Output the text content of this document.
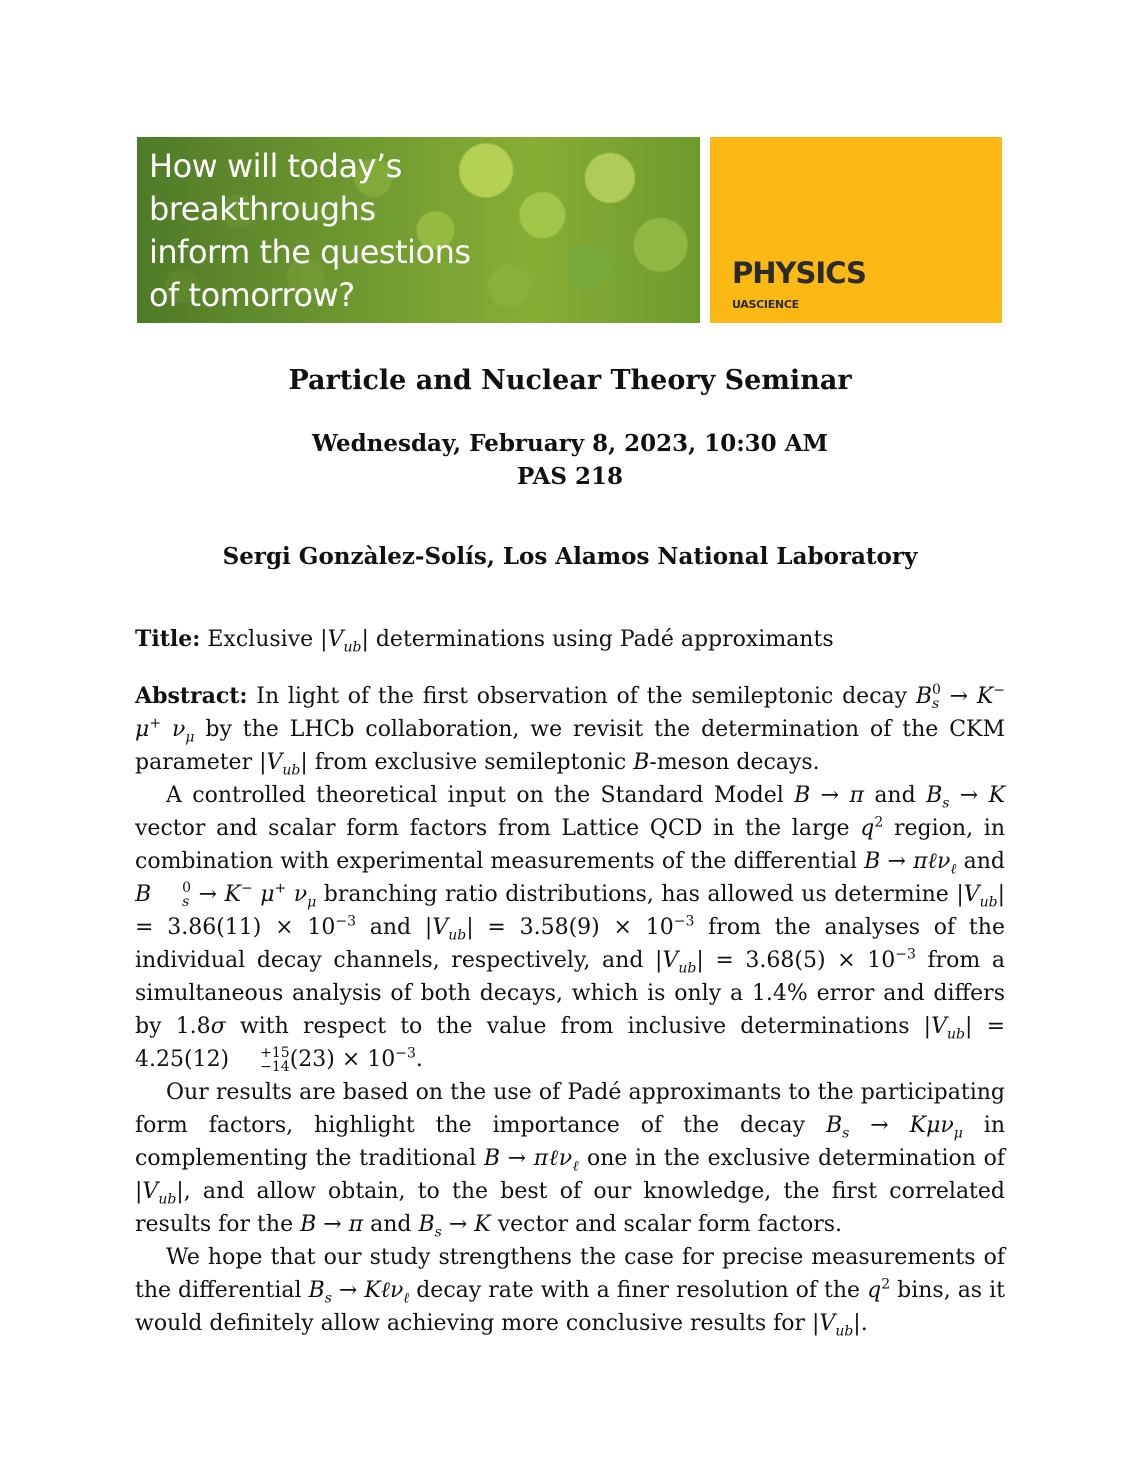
How will today’s
breakthroughs
inform the questions
of tomorrow?
PHYSICS
UASCIENCE
Particle and Nuclear Theory Seminar
Wednesday, February 8, 2023, 10:30 AM
PAS 218
Sergi Gonzàlez-Solís, Los Alamos National Laboratory
Title: Exclusive $|V_{ub}|$ determinations using Padé approximants

Abstract: In light of the first observation of the semileptonic decay B 0
s → K− μ+ $\nu_\mu$ by the LHCb collaboration, we revisit the determination of the CKM parameter $|V_{ub}|$ from exclusive semileptonic B-meson decays.

A controlled theoretical input on the Standard Model B → π and $B_s \to K$ vector and scalar form factors from Lattice QCD in the large $q^2$ region, in combination with experimental measurements of the differential B → πℓν$_\ell$ and B	0
s → K− μ+ $\nu_\mu$ branching ratio distributions, has allowed us determine $|V_{ub}| = 3.86(11) \times 10^{-3}$ and $|V_{ub}| = 3.58(9) \times 10^{-3}$ from the analyses of the individual decay channels, respectively, and $|V_{ub}| = 3.68(5) \times 10^{-3}$ from a simultaneous analysis of both decays, which is only a 1.4% error and differs by 1.8σ with respect to the value from inclusive determinations $|V_{ub}| = 4.25(12)$	+15
−14 $(23) \times 10^{-3}$.

Our results are based on the use of Padé approximants to the participating form factors, highlight the importance of the decay $B_s \to K\mu\nu_\mu$ in complementing the traditional B → πℓν$_\ell$ one in the exclusive determination of $|V_{ub}|$, and allow obtain, to the best of our knowledge, the first correlated results for the B → π and $B_s \to K$ vector and scalar form factors.

We hope that our study strengthens the case for precise measurements of the differential $B_s$ → Kℓν$_\ell$ decay rate with a finer resolution of the $q^2$ bins, as it would definitely allow achieving more conclusive results for $|V_{ub}|$.
